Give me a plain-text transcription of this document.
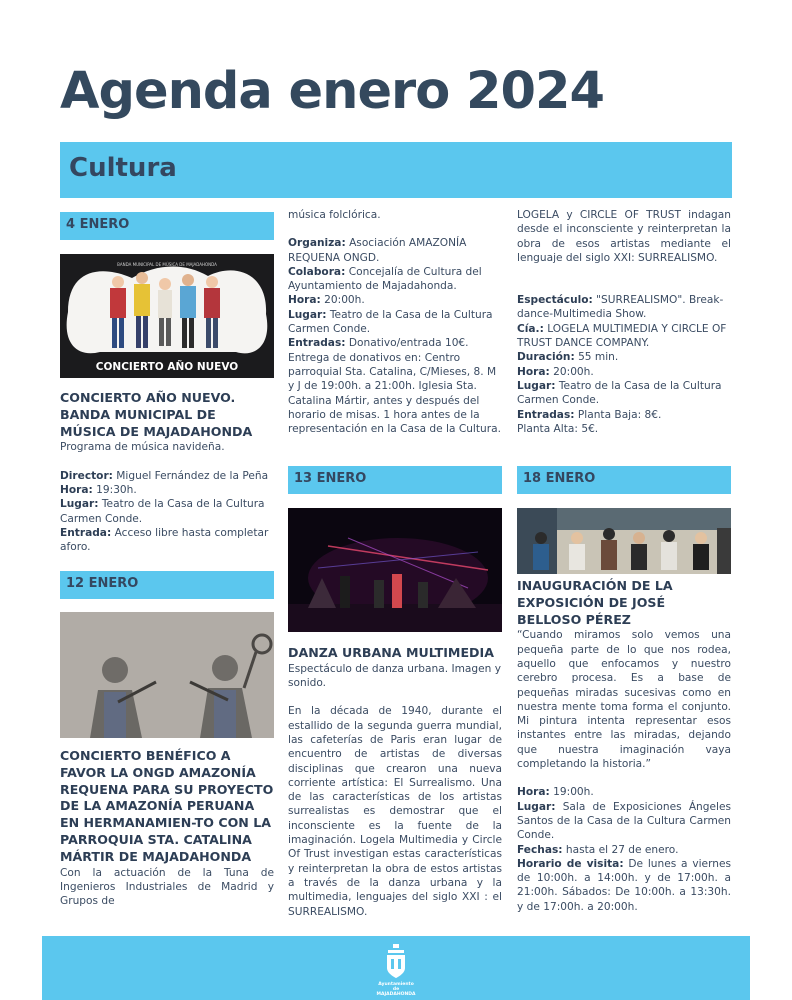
Agenda enero 2024
Cultura
4 ENERO
BANDA MUNICIPAL DE MÚSICA DE MAJADAHONDA
CONCIERTO AÑO NUEVO

CONCIERTO AÑO NUEVO. BANDA MUNICIPAL DE MÚSICA DE MAJADAHONDA

Programa de música navideña.

Director: Miguel Fernández de la Peña

Hora: 19:30h.

Lugar: Teatro de la Casa de la Cultura Carmen Conde.

Entrada: Acceso libre hasta completar aforo.

12 ENERO

CONCIERTO BENÉFICO A FAVOR LA ONGD AMAZONÍA REQUENA PARA SU PROYECTO DE LA AMAZONÍA PERUANA EN HERMANAMIEN-TO CON LA PARROQUIA STA. CATALINA MÁRTIR DE MAJADAHONDA

Con la actuación de la Tuna de Ingenieros Industriales de Madrid y Grupos de

música folclórica.

Organiza: Asociación AMAZONÍA REQUENA ONGD.

Colabora: Concejalía de Cultura del Ayuntamiento de Majadahonda.

Hora: 20:00h.

Lugar: Teatro de la Casa de la Cultura Carmen Conde.

Entradas: Donativo/entrada 10€.

Entrega de donativos en: Centro parroquial Sta. Catalina, C/Mieses, 8. M y J de 19:00h. a 21:00h. Iglesia Sta. Catalina Mártir, antes y después del horario de misas. 1 hora antes de la representación en la Casa de la Cultura.

13 ENERO

DANZA URBANA MULTIMEDIA

Espectáculo de danza urbana. Imagen y sonido.

En la década de 1940, durante el estallido de la segunda guerra mundial, las cafeterías de Paris eran lugar de encuentro de artistas de diversas disciplinas que crearon una nueva corriente artística: El Surrealismo. Una de las características de los artistas surrealistas es demostrar que el inconsciente es la fuente de la imaginación. Logela Multimedia y Circle Of Trust investigan estas características y reinterpretan la obra de estos artistas a través de la danza urbana y la multimedia, lenguajes del siglo XXI : el SURREALISMO.

LOGELA y CIRCLE OF TRUST indagan desde el inconsciente y reinterpretan la obra de esos artistas mediante el lenguaje del siglo XXI: SURREALISMO.

Espectáculo: "SURREALISMO". Break-dance-Multimedia Show.

Cía.: LOGELA MULTIMEDIA Y CIRCLE OF TRUST DANCE COMPANY.

Duración: 55 min.

Hora: 20:00h.

Lugar: Teatro de la Casa de la Cultura Carmen Conde.

Entradas: Planta Baja: 8€.

Planta Alta: 5€.

18 ENERO

INAUGURACIÓN DE LA EXPOSICIÓN DE JOSÉ BELLOSO PÉREZ

“Cuando miramos solo vemos una pequeña parte de lo que nos rodea, aquello que enfocamos y nuestro cerebro procesa. Es a base de pequeñas miradas sucesivas como en nuestra mente toma forma el conjunto. Mi pintura intenta representar esos instantes entre las miradas, dejando que nuestra imaginación vaya completando la historia.”

Hora: 19:00h.

Lugar: Sala de Exposiciones Ángeles Santos de la Casa de la Cultura Carmen Conde.

Fechas: hasta el 27 de enero.

Horario de visita: De lunes a viernes de 10:00h. a 14:00h. y de 17:00h. a 21:00h. Sábados: De 10:00h. a 13:30h. y de 17:00h. a 20:00h.

Ayuntamiento de MAJADAHONDA
